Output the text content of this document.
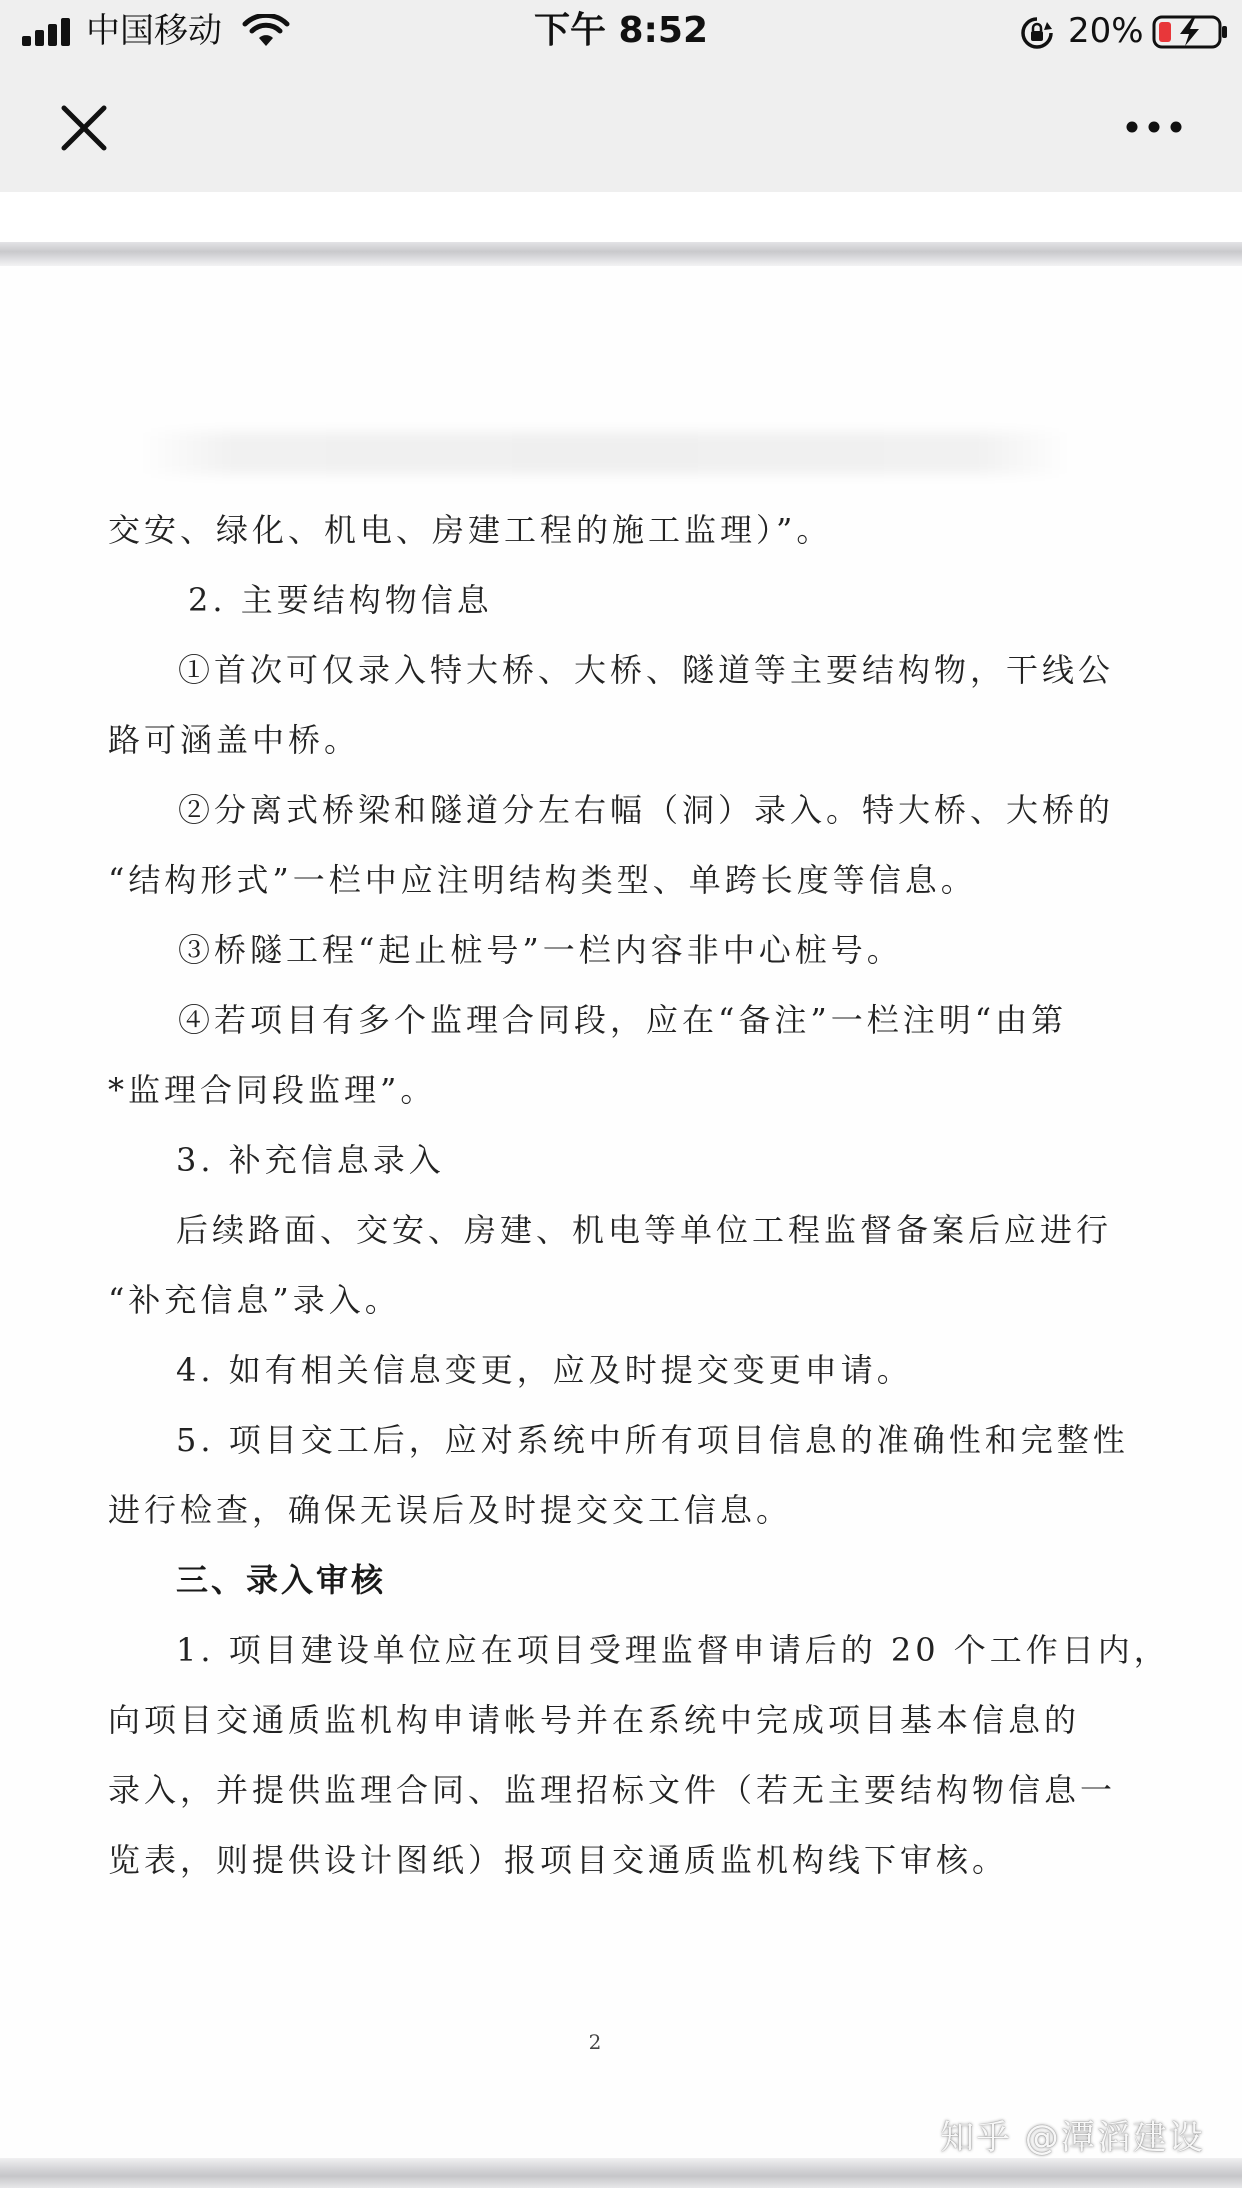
中国移动	下午 8:52	20%
交安、绿化、机电、房建工程的施工监理）”。
2. 主要结构物信息
①首次可仅录入特大桥、大桥、隧道等主要结构物，干线公
路可涵盖中桥。
②分离式桥梁和隧道分左右幅（洞）录入。特大桥、大桥的
“结构形式”一栏中应注明结构类型、单跨长度等信息。
③桥隧工程“起止桩号”一栏内容非中心桩号。
④若项目有多个监理合同段，应在“备注”一栏注明“由第
*监理合同段监理”。
3. 补充信息录入
后续路面、交安、房建、机电等单位工程监督备案后应进行
“补充信息”录入。
4. 如有相关信息变更，应及时提交变更申请。
5. 项目交工后，应对系统中所有项目信息的准确性和完整性
进行检查，确保无误后及时提交交工信息。
三、录入审核
1. 项目建设单位应在项目受理监督申请后的 20 个工作日内，
向项目交通质监机构申请帐号并在系统中完成项目基本信息的
录入，并提供监理合同、监理招标文件（若无主要结构物信息一
览表，则提供设计图纸）报项目交通质监机构线下审核。
2
知乎 @潭滔建设
